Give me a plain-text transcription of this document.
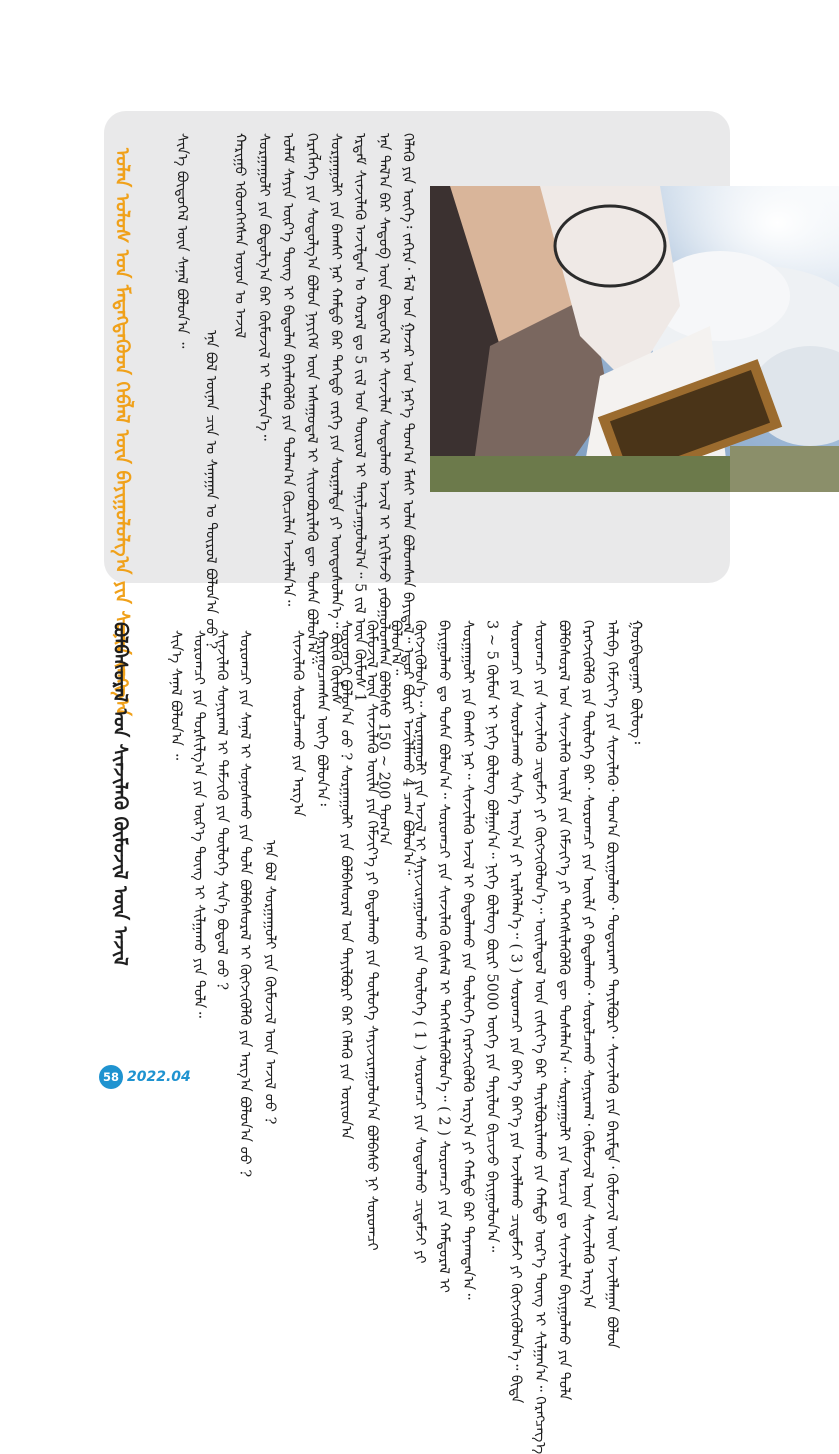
ᠣᠯᠠᠨ ᠤᠯᠤᠰ ᠤᠨ ᠮᠡᠳᠡᠭᠳᠡᠬᠦᠦᠨ ᠬᠡᠪᠯᠡᠯ ᠦᠨ ᠪᠠᠶᠢᠭᠤᠯᠤᠯᠭ᠎ᠠ ᠶᠢᠨ ᠰᠣᠨᠢᠨ ᠵᠠᠩᠭ᠎ᠠ	ᠰᠢᠨ᠎ᠡ ᠪᠦᠲᠦᠭᠡᠯ ᠦᠨ ᠰᠠᠨᠠᠯ ᠪᠣᠯᠤᠨ᠎ᠠ ᠃
ᠡᠨᠡ ᠪᠣᠯ ᠦᠨᠡᠨ ᠴᠢᠨ ᠤ ᠰᠠᠨᠠᠭᠠᠨ ᠤ ᠲᠦᠷᠦᠯ ᠪᠣᠯᠤᠨ᠎ᠠ ᠤᠤ ?
ᠬᠠᠷᠢᠭᠤ ᠡᠭᠦᠳᠬᠡᠭᠰᠡᠨ ᠣᠶᠤᠨ ᠤ ᠠᠵᠢᠯ ᠰᠤᠷᠭᠠᠭᠤᠯᠢ ᠶᠢᠨ ᠪᠣᠳᠤᠯᠭ᠎ᠠ ᠪᠠᠷ ᠬᠦᠮᠦᠵᠢᠯ ᠢ ᠳᠡᠮᠵᠢᠨ᠎ᠡ᠃ ᠤᠯᠠᠮ ᠰᠠᠶᠢᠨ ᠦᠷ᠎ᠡ ᠳᠦᠩ ᠢ ᠪᠠᠲᠤᠯᠠᠨ ᠪᠡᠶᠡᠯᠡᠭᠦᠯᠬᠦ ᠶᠢᠨ ᠲᠤᠯᠠᠭ᠎ᠠ ᠬᠦᠴᠢᠯᠡᠨ ᠠᠵᠢᠯᠯᠠᠨ᠎ᠠ᠃ ᠬᠡᠷᠡᠭᠯᠡᠭᠡ ᠶᠢᠨ ᠰᠤᠳᠤᠯᠭ᠎ᠠ ᠪᠣᠯᠤᠨ ᠨᠡᠶᠢᠭᠡᠮ ᠦᠨ ᠠᠰᠠᠭᠤᠳᠠᠯ ᠢ ᠰᠢᠢᠳᠪᠦᠷᠢᠯᠡᠬᠦ ᠳᠦ ᠲᠤᠰᠠ ᠪᠣᠯᠤᠨ᠎ᠠ᠃ ᠰᠤᠷᠭᠠᠭᠤᠯᠢ ᠶᠢᠨ ᠪᠠᠭᠰᠢ ᠨᠠᠷ ᠬᠠᠮᠲᠤ ᠪᠡᠷ ᠳᠡᠭᠡᠳᠦ ᠵᠡᠷᠭᠡ ᠶᠢᠨ ᠰᠤᠷᠭᠠᠯᠲᠠ ᠶᠢ ᠦᠨᠳᠦᠰᠦᠯᠡᠨ᠎ᠡ᠃ ᠪᠦᠬᠦ ᠬᠦᠮᠦᠰ ᠡᠷᠳᠡᠮ ᠰᠢᠨᠵᠢᠯᠡᠬᠦ ᠠᠵᠢᠯᠲᠠᠨ ᠤ ᠬᠤᠷᠠᠯ ᠳᠤ 5 ᠵᠢᠯ ᠤᠨ ᠲᠦᠷᠦᠯ ᠢ ᠲᠠᠨᠢᠯᠴᠠᠭᠤᠯᠤᠯ᠎ᠠ᠃ 5 ᠵᠢᠯ ᠦᠨ ᠬᠦᠮᠦᠰ 1 ᠡᠨᠡ ᠲᠠᠯ᠎ᠠ ᠪᠠᠷ ᠰᠡᠳᠦᠪ ᠦᠨ ᠪᠦᠲᠦᠭᠡᠯ ᠢ ᠰᠢᠨᠵᠢᠯᠡᠨ ᠰᠤᠳᠤᠯᠬᠤ ᠠᠵᠢᠯ ᠢ ᠡᠷᠬᠢᠯᠡᠵᠦ ᠶᠠᠪᠤᠭᠤᠯᠤᠭᠰᠠᠨ ᠪᠣᠯᠪᠠᠰᠤ 150 ~ 200 ᠲᠣᠭ᠎ᠠ ᠬᠡᠯᠡᠬᠦ ᠶᠢᠨ ᠦᠭᠡ᠄ ᠵᠡᠭᠡᠷᠡ᠂ ᠮᠠᠯ ᠤᠨ ᠭᠠᠵᠠᠷ ᠤᠨ ᠨᠡᠷ᠎ᠡ ᠲᠣᠭ᠎ᠠ ᠮᠠᠰᠢ ᠣᠯᠠᠨ ᠪᠣᠯᠤᠭᠰᠠᠨ ᠪᠠᠶᠢᠳᠠᠯ᠃ ᠡᠳᠦᠷ ᠪᠦᠷᠢ ᠠᠵᠢᠯᠯᠠᠬᠤ 4 ᠴᠠᠭ ᠪᠣᠯᠤᠨ᠎ᠠ᠃
ᠪᠣᠯᠪᠠᠰᠤᠷᠠᠯ ᠤᠨ ᠰᠢᠨᠵᠢᠯᠡᠬᠦ ᠬᠦᠮᠦᠵᠢᠯ ᠦᠨ ᠠᠵᠢᠯ	ᠰᠢᠨ᠎ᠡ ᠰᠠᠨᠠᠯ ᠪᠣᠯᠤᠨ᠎ᠠ ᠃ ᠰᠤᠷᠤᠭᠴᠢ ᠶᠢᠨ ᠲᠤᠷᠰᠢᠯᠭ᠎ᠠ ᠶᠢᠨ ᠦᠷ᠎ᠡ ᠳᠦᠩ ᠢ ᠰᠢᠯᠭᠠᠬᠤ ᠶᠢᠨ ᠲᠤᠯᠠ᠃ ᠰᠢᠨᠵᠢᠯᠡᠬᠦ ᠰᠣᠨᠢᠷᠬᠠᠯ ᠢ ᠳᠡᠮᠵᠢᠬᠦ ᠶᠢᠨ ᠲᠥᠯᠥᠭᠡ ᠰᠢᠨ᠎ᠡ ᠪᠣᠳᠤᠯ ᠤᠤ ? ᠰᠤᠷᠤᠭᠴᠢ ᠶᠢᠨ ᠰᠠᠨᠠᠯ ᠢ ᠰᠣᠨᠣᠰᠬᠤ ᠶᠢᠨ ᠲᠤᠯᠠ ᠪᠣᠯᠪᠠᠰᠤᠷᠠᠯ ᠢ ᠬᠥᠭᠵᠢᠭᠦᠯᠬᠦ ᠶᠢᠨ ᠠᠷᠭ᠎ᠠ ᠪᠣᠯᠤᠨ᠎ᠠ ᠤᠤ ? ᠡᠨᠡ ᠪᠣᠯ ᠰᠤᠷᠭᠠᠭᠤᠯᠢ ᠶᠢᠨ ᠬᠦᠮᠦᠵᠢᠯ ᠦᠨ ᠠᠵᠢᠯ ᠤᠤ ?
ᠰᠢᠨᠵᠢᠯᠡᠬᠦ ᠰᠤᠷᠤᠯᠴᠠᠬᠤ ᠶᠢᠨ ᠠᠷᠭ᠎ᠠ ᠬᠠᠷᠢᠭᠤᠴᠠᠭᠰᠠᠨ ᠦᠭᠡ ᠪᠣᠯᠤᠨ᠎ᠠ᠄ ᠰᠤᠷᠤᠭᠴᠢ ᠪᠣᠯᠤᠨ᠎ᠠ ᠤᠤ ? ᠰᠤᠷᠭᠠᠭᠤᠯᠢ ᠶᠢᠨ ᠪᠣᠯᠪᠠᠰᠤᠷᠠᠯ ᠤᠨ ᠲᠠᠶᠢᠯᠪᠤᠷᠢ ᠪᠠᠷ ᠬᠡᠯᠡᠬᠦ ᠶᠢᠨ ᠤᠷᠢᠳ᠎ᠠ ᠬᠦᠮᠦᠵᠢᠯ ᠦᠨ ᠰᠢᠨᠵᠢᠯᠡᠬᠦ ᠦᠢᠯᠡ ᠶᠢᠨ ᠬᠡᠮᠵᠢᠶ᠎ᠡ ᠶᠢ ᠪᠠᠲᠤᠯᠠᠬᠤ ᠶᠢᠨ ᠲᠥᠯᠥᠭᠡ ᠰᠠᠶᠢᠵᠢᠷᠠᠭᠤᠯᠤᠨ᠎ᠠ ᠪᠣᠯᠪᠠᠰᠤ ᠨᠢ ᠰᠤᠷᠤᠭᠴᠢ ᠪᠣᠯᠤᠨ᠎ᠠ᠃ ᠬᠥᠭᠵᠢᠭᠦᠯᠦᠨ᠎ᠡ᠃ ᠰᠤᠷᠭᠠᠭᠤᠯᠢ ᠶᠢᠨ ᠠᠵᠢᠯ ᠢ ᠰᠠᠶᠢᠵᠢᠷᠠᠭᠤᠯᠬᠤ ᠶᠢᠨ ᠲᠥᠯᠥᠭᠡ ( 1 ) ᠰᠤᠷᠤᠭᠴᠢ ᠶᠢᠨ ᠰᠤᠳᠤᠯᠬᠤ ᠴᠢᠳᠠᠮᠵᠢ ᠶᠢ ᠪᠠᠶᠢᠭᠤᠯᠬᠤ ᠳᠤ ᠲᠤᠰᠠ ᠪᠣᠯᠤᠨ᠎ᠠ᠃ ᠰᠤᠷᠤᠭᠴᠢ ᠶᠢᠨ ᠰᠢᠨᠵᠢᠯᠡᠬᠦ ᠬᠦᠰᠡᠯ ᠢ ᠳᠡᠭᠡᠭᠰᠢᠯᠡᠭᠦᠯᠦᠨ᠎ᠡ᠃ ( 2 ) ᠰᠤᠷᠤᠭᠴᠢ ᠶᠢᠨ ᠬᠠᠮᠲᠤᠷᠠᠯ ᠢ ᠰᠤᠷᠭᠠᠭᠤᠯᠢ ᠶᠢᠨ ᠪᠠᠭᠰᠢ ᠨᠠᠷ᠃ ᠰᠢᠨᠵᠢᠯᠡᠬᠦ ᠠᠵᠢᠯ ᠢ ᠪᠠᠲᠤᠯᠠᠬᠤ ᠶᠢᠨ ᠲᠥᠯᠥᠭᠡ ᠬᠡᠷᠡᠭᠵᠢᠭᠦᠯᠬᠦ ᠠᠷᠭ᠎ᠠ ᠶᠢ ᠬᠠᠮᠲᠤ ᠪᠠᠷ ᠳᠠᠶᠠᠭᠳᠠᠨ᠎ᠠ᠃ 3 ~ 5 ᠬᠦᠮᠦᠨ ᠢ ᠨᠢᠭᠡ ᠪᠦᠯᠦᠭ ᠪᠣᠯᠭᠠᠨ᠎ᠠ᠃ ᠨᠢᠭᠡ ᠪᠦᠯᠦᠭ ᠪᠦᠷᠢ 5000 ᠦᠭᠡ ᠶᠢᠨ ᠲᠠᠶᠢᠯᠤᠨ ᠪᠢᠴᠢᠵᠦ ᠪᠠᠶᠢᠭᠤᠯᠤᠨ᠎ᠠ᠃ ᠰᠤᠷᠤᠭᠴᠢ ᠶᠢᠨ ᠰᠤᠷᠤᠯᠴᠠᠬᠤ ᠰᠢᠨ᠎ᠡ ᠠᠷᠭ᠎ᠠ ᠶᠢ ᠡᠷᠢᠯᠬᠡᠯᠡᠨ᠎ᠡ᠃ ( 3 ) ᠰᠤᠷᠤᠭᠴᠢ ᠶᠢᠨ ᠪᠡᠶ᠎ᠡ ᠪᠡᠶ᠎ᠡ ᠶᠢᠨ ᠠᠵᠢᠯᠯᠠᠬᠤ ᠴᠢᠳᠠᠮᠵᠢ ᠶᠢ ᠬᠥᠭᠵᠢᠭᠦᠯᠦᠨ᠎ᠡ᠃ ᠪᠢᠳᠡ ᠰᠤᠷᠤᠭᠴᠢ ᠶᠢᠨ ᠰᠢᠨᠵᠢᠯᠡᠬᠦ ᠴᠢᠳᠠᠮᠵᠢ ᠶᠢ ᠬᠥᠭᠵᠢᠭᠦᠯᠦᠨ᠎ᠡ᠃ ᠦᠢᠯᠡᠳᠦᠯ ᠦᠨ ᠵᠢᠱᠢᠶ᠎ᠡ ᠪᠠᠷ ᠲᠠᠶᠢᠯᠪᠤᠷᠢᠯᠠᠬᠤ ᠶᠢᠨ ᠬᠠᠮᠲᠤ ᠦᠷ᠎ᠡ ᠳᠦᠩ ᠢ ᠰᠢᠯᠭᠠᠨ᠎ᠠ᠃ ᠬᠡᠷᠡᠭᠴᠡᠭ᠎ᠡ ᠪᠣᠯᠪᠠᠰᠤᠷᠠᠯ ᠤᠨ ᠰᠢᠨᠵᠢᠯᠡᠬᠦ ᠦᠢᠯᠡ ᠶᠢᠨ ᠬᠡᠮᠵᠢᠶ᠎ᠡ ᠶᠢ ᠳᠡᠭᠡᠭᠰᠢᠯᠡᠭᠦᠯᠬᠦ ᠳᠦ ᠲᠤᠰᠠᠯᠠᠨ᠎ᠠ᠃ ᠰᠤᠷᠭᠠᠭᠤᠯᠢ ᠶᠢᠨ ᠣᠷᠴᠢᠨ ᠳᠤ ᠰᠢᠨᠵᠢᠯᠡᠨ ᠪᠠᠶᠢᠭᠤᠯᠬᠤ ᠶᠢᠨ ᠲᠤᠯᠠ ᠬᠡᠷᠡᠭᠵᠢᠭᠦᠯᠬᠦ ᠶᠢᠨ ᠲᠥᠯᠥᠭᠡ ᠪᠠᠷ᠂ ᠰᠤᠷᠤᠭᠴᠢ ᠶᠢᠨ ᠦᠢᠯᠡ ᠶᠢ ᠪᠠᠲᠤᠯᠠᠬᠤ᠂ ᠰᠤᠷᠤᠯᠴᠠᠬᠤ ᠰᠣᠨᠢᠷᠬᠠᠯ᠂ ᠬᠦᠮᠦᠵᠢᠯ ᠦᠨ ᠰᠢᠨᠵᠢᠯᠡᠬᠦ ᠠᠷᠭ᠎ᠠ ᠠᠯᠢᠪᠠ ᠬᠡᠮᠵᠢᠶ᠎ᠡ ᠶᠢᠨ ᠰᠢᠨᠵᠢᠯᠡᠬᠦ᠂ ᠲᠣᠭ᠎ᠠ ᠪᠣᠷᠢᠭᠤᠯᠬᠤ᠂ ᠲᠣᠳᠤᠷᠬᠠᠢ ᠲᠠᠶᠢᠯᠪᠤᠷᠢ᠂ ᠰᠢᠨᠵᠢᠯᠡᠬᠦ ᠶᠢᠨ ᠪᠠᠷᠢᠮᠲᠠ᠂ ᠬᠦᠮᠦᠵᠢᠯ ᠦᠨ ᠠᠵᠢᠯᠯᠠᠭᠠᠨ ᠪᠣᠯᠤᠨ ᠭᠤᠷᠪᠠᠳᠤᠭᠠᠷ ᠪᠦᠯᠦᠭ᠄
58 2022.04
